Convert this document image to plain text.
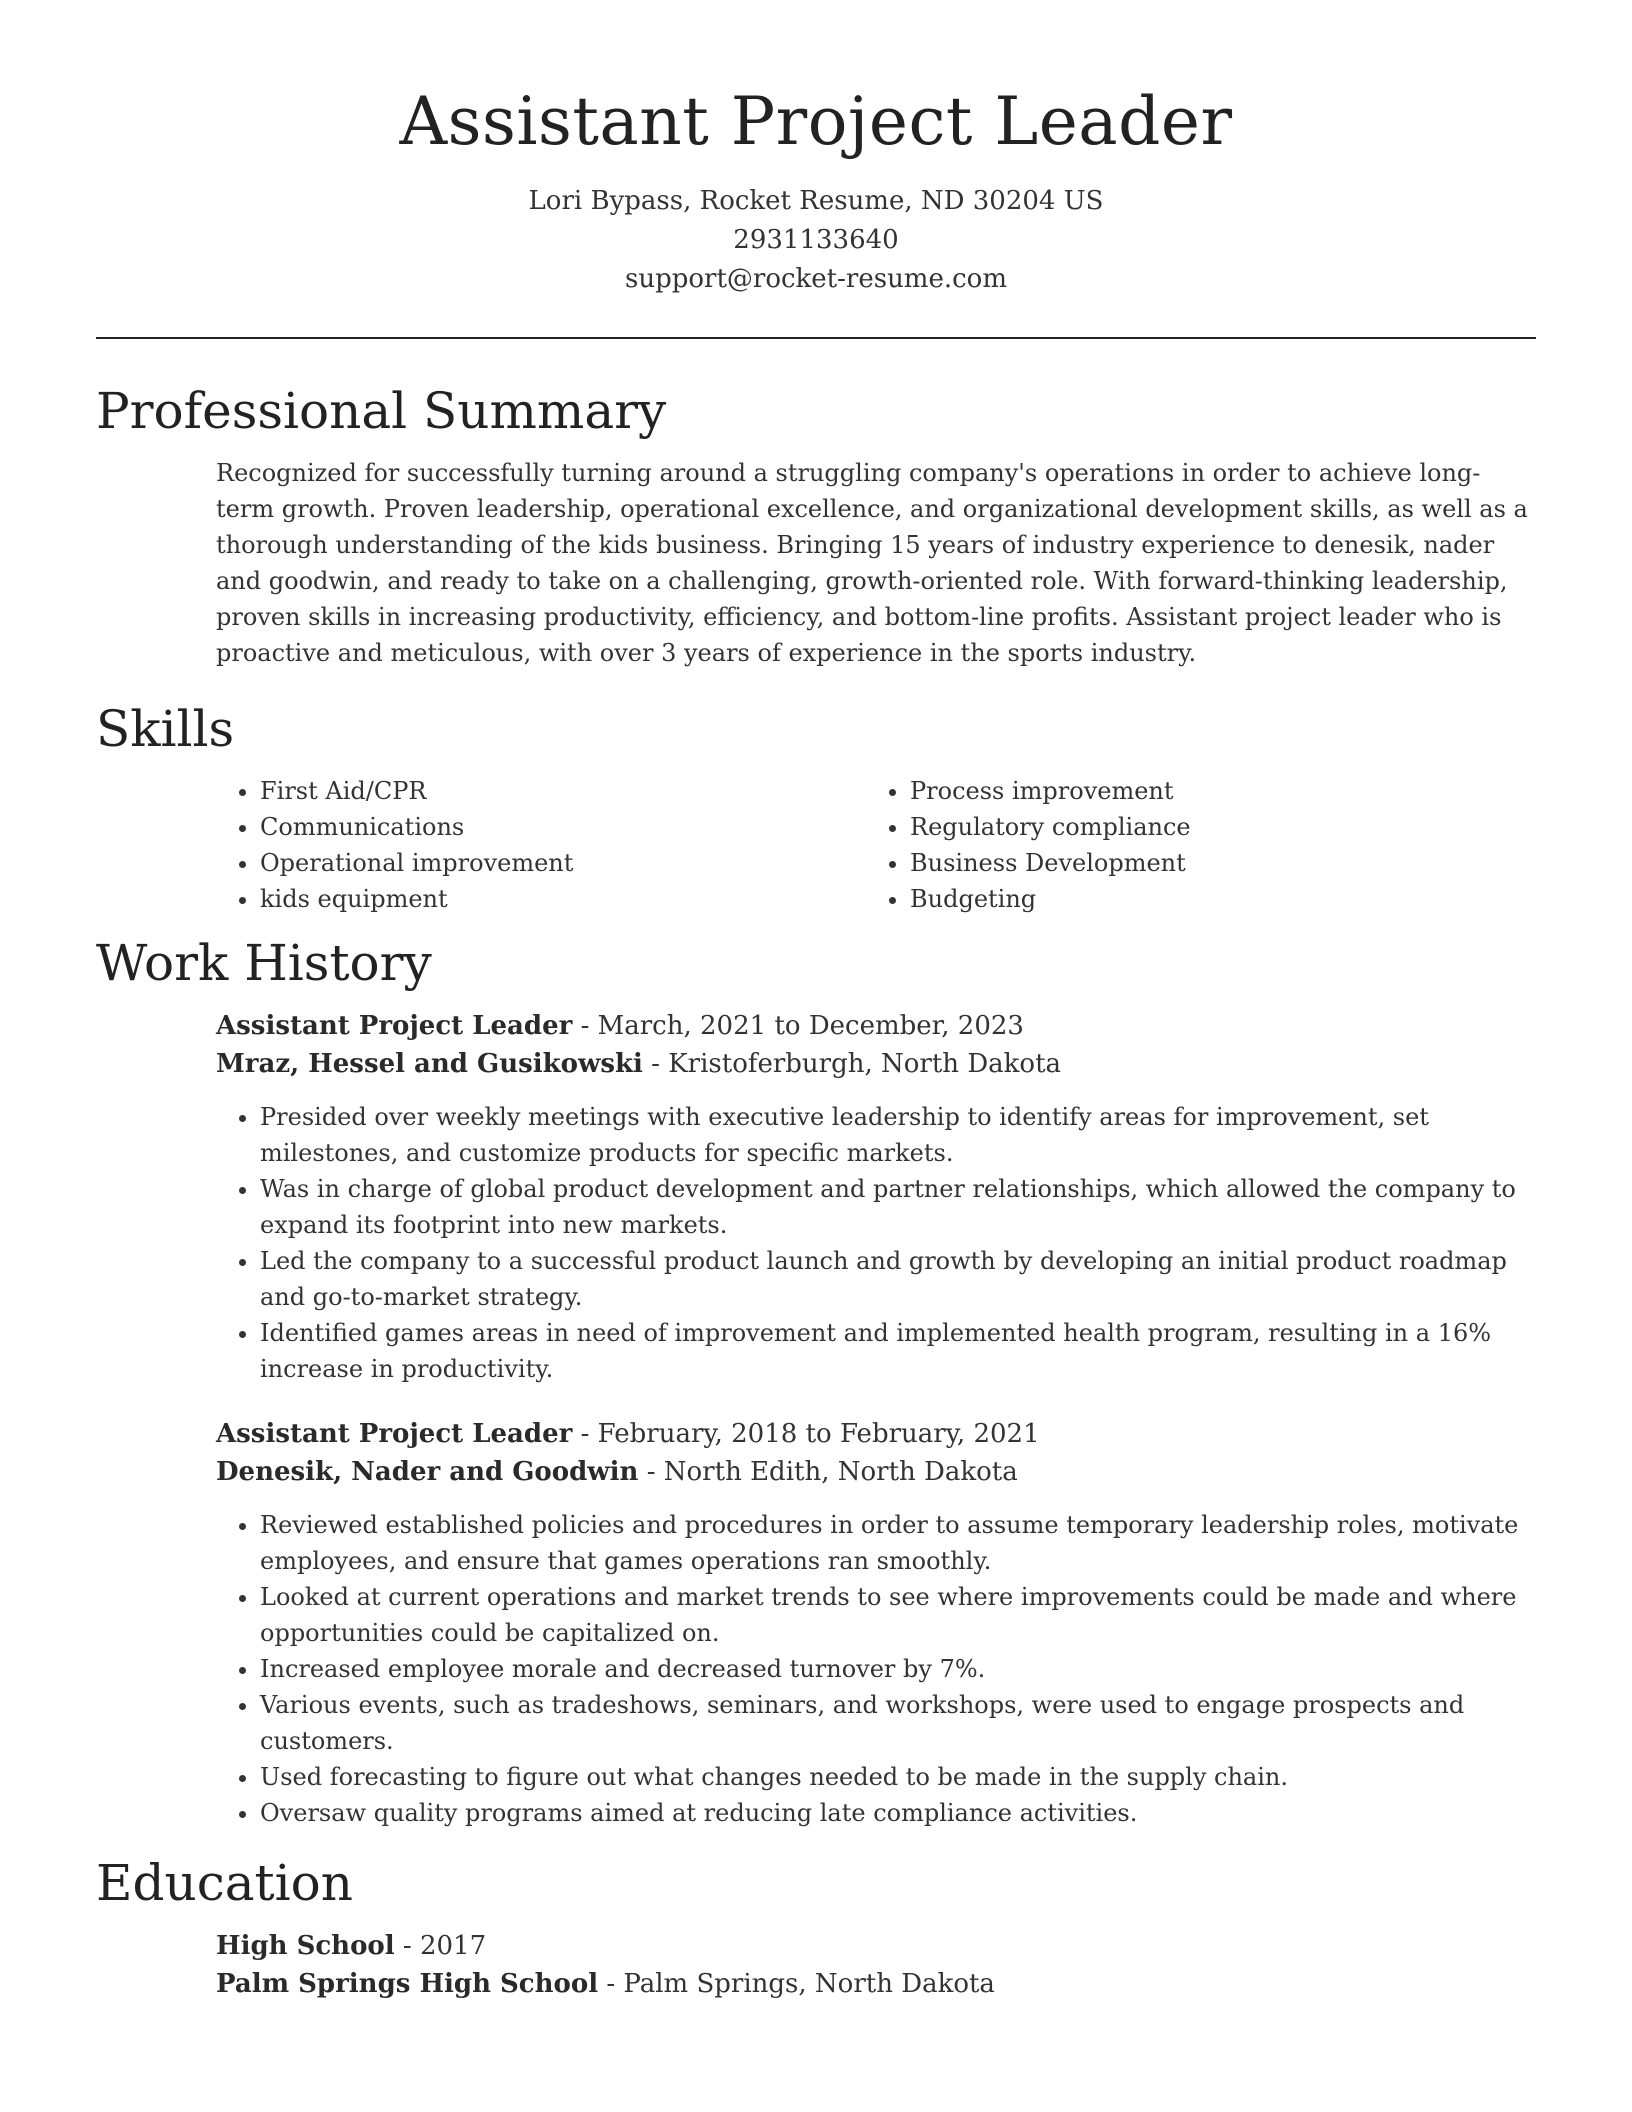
Assistant Project Leader
Lori Bypass, Rocket Resume, ND 30204 US
2931133640
support@rocket-resume.com
Professional Summary

Recognized for successfully turning around a struggling company's operations in order to achieve long-term growth. Proven leadership, operational excellence, and organizational development skills, as well as a thorough understanding of the kids business. Bringing 15 years of industry experience to denesik, nader and goodwin, and ready to take on a challenging, growth-oriented role. With forward-thinking leadership, proven skills in increasing productivity, efficiency, and bottom-line profits. Assistant project leader who is proactive and meticulous, with over 3 years of experience in the sports industry.

Skills
• First Aid/CPR
• Communications
• Operational improvement
• kids equipment
• Process improvement
• Regulatory compliance
• Business Development
• Budgeting
Work History
Assistant Project Leader - March, 2021 to December, 2023
Mraz, Hessel and Gusikowski - Kristoferburgh, North Dakota
• Presided over weekly meetings with executive leadership to identify areas for improvement, set milestones, and customize products for specific markets.
• Was in charge of global product development and partner relationships, which allowed the company to expand its footprint into new markets.
• Led the company to a successful product launch and growth by developing an initial product roadmap and go-to-market strategy.
• Identified games areas in need of improvement and implemented health program, resulting in a 16% increase in productivity.
Assistant Project Leader - February, 2018 to February, 2021
Denesik, Nader and Goodwin - North Edith, North Dakota
• Reviewed established policies and procedures in order to assume temporary leadership roles, motivate employees, and ensure that games operations ran smoothly.
• Looked at current operations and market trends to see where improvements could be made and where opportunities could be capitalized on.
• Increased employee morale and decreased turnover by 7%.
• Various events, such as tradeshows, seminars, and workshops, were used to engage prospects and customers.
• Used forecasting to figure out what changes needed to be made in the supply chain.
• Oversaw quality programs aimed at reducing late compliance activities.
Education
High School - 2017
Palm Springs High School - Palm Springs, North Dakota
